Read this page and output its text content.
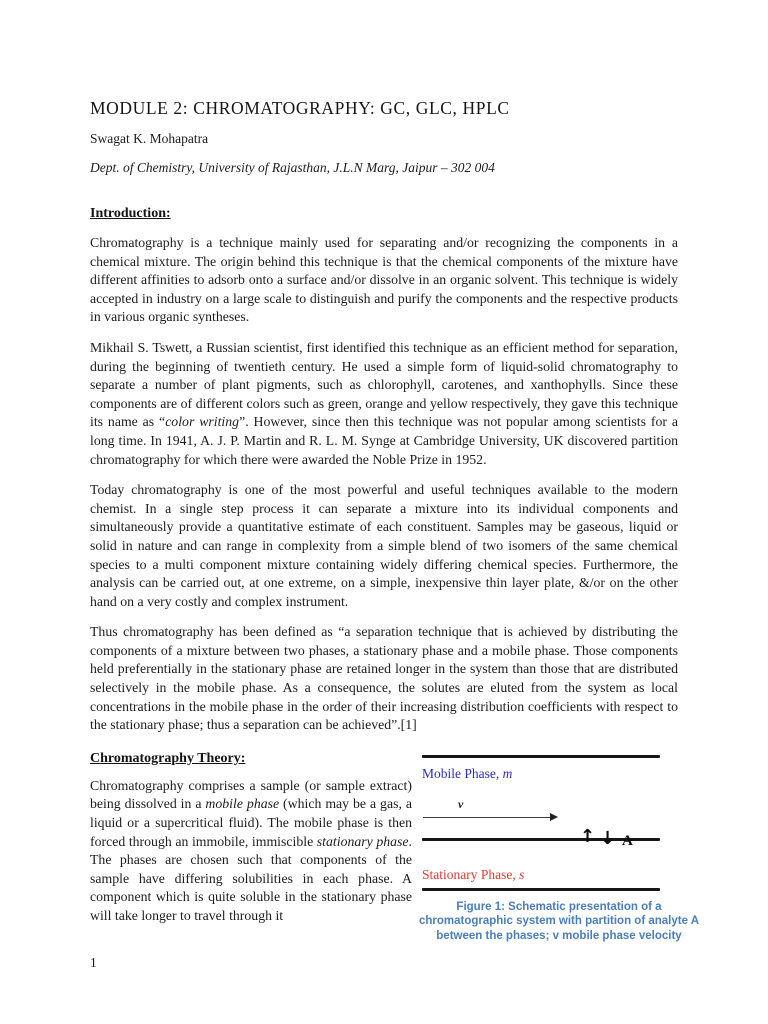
MODULE 2: CHROMATOGRAPHY: GC, GLC, HPLC

Swagat K. Mohapatra

Dept. of Chemistry, University of Rajasthan, J.L.N Marg, Jaipur – 302 004

Introduction:

Chromatography is a technique mainly used for separating and/or recognizing the components in a chemical mixture. The origin behind this technique is that the chemical components of the mixture have different affinities to adsorb onto a surface and/or dissolve in an organic solvent. This technique is widely accepted in industry on a large scale to distinguish and purify the components and the respective products in various organic syntheses.

Mikhail S. Tswett, a Russian scientist, first identified this technique as an efficient method for separation, during the beginning of twentieth century. He used a simple form of liquid-solid chromatography to separate a number of plant pigments, such as chlorophyll, carotenes, and xanthophylls. Since these components are of different colors such as green, orange and yellow respectively, they gave this technique its name as “color writing”. However, since then this technique was not popular among scientists for a long time. In 1941, A. J. P. Martin and R. L. M. Synge at Cambridge University, UK discovered partition chromatography for which there were awarded the Noble Prize in 1952.

Today chromatography is one of the most powerful and useful techniques available to the modern chemist. In a single step process it can separate a mixture into its individual components and simultaneously provide a quantitative estimate of each constituent. Samples may be gaseous, liquid or solid in nature and can range in complexity from a simple blend of two isomers of the same chemical species to a multi component mixture containing widely differing chemical species. Furthermore, the analysis can be carried out, at one extreme, on a simple, inexpensive thin layer plate, &/or on the other hand on a very costly and complex instrument.

Thus chromatography has been defined as “a separation technique that is achieved by distributing the components of a mixture between two phases, a stationary phase and a mobile phase. Those components held preferentially in the stationary phase are retained longer in the system than those that are distributed selectively in the mobile phase. As a consequence, the solutes are eluted from the system as local concentrations in the mobile phase in the order of their increasing distribution coefficients with respect to the stationary phase; thus a separation can be achieved”.[1]

Chromatography Theory:

Chromatography comprises a sample (or sample extract) being dissolved in a mobile phase (which may be a gas, a liquid or a supercritical fluid). The mobile phase is then forced through an immobile, immiscible stationary phase. The phases are chosen such that components of the sample have differing solubilities in each phase. A component which is quite soluble in the stationary phase will take longer to travel through it

Mobile Phase, m
v
↑ ↓ A
Stationary Phase, s
Figure 1: Schematic presentation of a chromatographic system with partition of analyte A between the phases; v mobile phase velocity
1
